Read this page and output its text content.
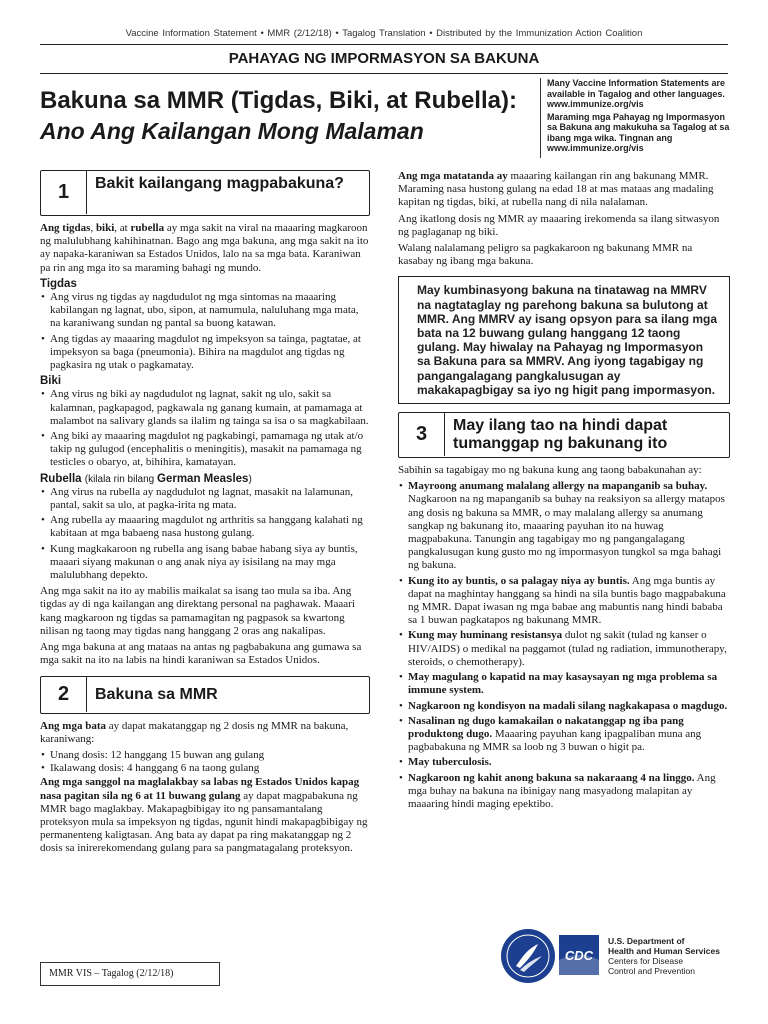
Vaccine Information Statement • MMR (2/12/18) • Tagalog Translation • Distributed by the Immunization Action Coalition
PAHAYAG NG IMPORMASYON SA BAKUNA
Bakuna sa MMR (Tigdas, Biki, at Rubella):
Ano Ang Kailangan Mong Malaman

Many Vaccine Information Statements are available in Tagalog and other languages. www.immunize.org/vis

Maraming mga Pahayag ng Impormasyon sa Bakuna ang makukuha sa Tagalog at sa ibang mga wika. Tingnan ang www.immunize.org/vis

1	Bakit kailangang magpabakuna?
Ang tigdas, biki, at rubella ay mga sakit na viral na maaaring magkaroon ng malulubhang kahihinatnan. Bago ang mga bakuna, ang mga sakit na ito ay napaka-karaniwan sa Estados Unidos, lalo na sa mga bata. Karaniwan pa rin ang mga ito sa maraming bahagi ng mundo.
Tigdas
• Ang virus ng tigdas ay nagdudulot ng mga sintomas na maaaring kabilangan ng lagnat, ubo, sipon, at namumula, naluluhang mga mata, na karaniwang sundan ng pantal sa buong katawan.
• Ang tigdas ay maaaring magdulot ng impeksyon sa tainga, pagtatae, at impeksyon sa baga (pneumonia). Bihira na magdulot ang tigdas ng pagkasira ng utak o pagkamatay.
Biki
• Ang virus ng biki ay nagdudulot ng lagnat, sakit ng ulo, sakit sa kalamnan, pagkapagod, pagkawala ng ganang kumain, at pamamaga at malambot na salivary glands sa ilalim ng tainga sa isa o sa magkabilaan.
• Ang biki ay maaaring magdulot ng pagkabingi, pamamaga ng utak at/o takip ng gulugod (encephalitis o meningitis), masakit na pamamaga ng testicles o obaryo, at, bihihira, kamatayan.
Rubella (kilala rin bilang German Measles)
• Ang virus na rubella ay nagdudulot ng lagnat, masakit na lalamunan, pantal, sakit sa ulo, at pagka-irita ng mata.
• Ang rubella ay maaaring magdulot ng arthritis sa hanggang kalahati ng kabitaan at mga babaeng nasa hustong gulang.
• Kung magkakaroon ng rubella ang isang babae habang siya ay buntis, maaari siyang makunan o ang anak niya ay isisilang na may mga malulubhang depekto.
Ang mga sakit na ito ay mabilis maikalat sa isang tao mula sa iba. Ang tigdas ay di nga kailangan ang direktang personal na paghawak. Maaari kang magkaroon ng tigdas sa pamamagitan ng pagpasok sa kwartong nilisan ng taong may tigdas nang hanggang 2 oras ang nakalipas.
Ang mga bakuna at ang mataas na antas ng pagbabakuna ang gumawa sa mga sakit na ito na labis na hindi karaniwan sa Estados Unidos.
2	Bakuna sa MMR
Ang mga bata ay dapat makatanggap ng 2 dosis ng MMR na bakuna, karaniwang:
• Unang dosis: 12 hanggang 15 buwan ang gulang
• Ikalawang dosis: 4 hanggang 6 na taong gulang
Ang mga sanggol na maglalakbay sa labas ng Estados Unidos kapag nasa pagitan sila ng 6 at 11 buwang gulang ay dapat magpabakuna ng MMR bago maglakbay. Makapagbibigay ito ng pansamantalang proteksyon mula sa impeksyon ng tigdas, ngunit hindi makapagbibigay ng permanenteng kaligtasan. Ang bata ay dapat pa ring makatanggap ng 2 dosis sa inirerekomendang gulang para sa pangmatagalang proteksyon.
Ang mga matatanda ay maaaring kailangan rin ang bakunang MMR. Maraming nasa hustong gulang na edad 18 at mas mataas ang madaling kapitan ng tigdas, biki, at rubella nang di nila nalalaman.
Ang ikatlong dosis ng MMR ay maaaring irekomenda sa ilang sitwasyon ng paglaganap ng biki.
Walang nalalamang peligro sa pagkakaroon ng bakunang MMR na kasabay ng ibang mga bakuna.
May kumbinasyong bakuna na tinatawag na MMRV na nagtataglay ng parehong bakuna sa bulutong at MMR. Ang MMRV ay isang opsyon para sa ilang mga bata na 12 buwang gulang hanggang 12 taong gulang. May hiwalay na Pahayag ng Impormasyon sa Bakuna para sa MMRV. Ang iyong tagabigay ng pangangalagang pangkalusugan ay makakapagbigay sa iyo ng higit pang impormasyon.
3	May ilang tao na hindi dapat tumanggap ng bakunang ito
Sabihin sa tagabigay mo ng bakuna kung ang taong babakunahan ay:
• Mayroong anumang malalang allergy na mapanganib sa buhay. Nagkaroon na ng mapanganib sa buhay na reaksiyon sa allergy matapos ang dosis ng bakuna sa MMR, o may malalang allergy sa anumang sangkap ng bakunang ito, maaaring payuhan ito na huwag magpabakuna. Tanungin ang tagabigay mo ng pangangalagang pangkalusugan kung gusto mo ng impormasyon tungkol sa mga bahagi ng bakuna.
• Kung ito ay buntis, o sa palagay niya ay buntis. Ang mga buntis ay dapat na maghintay hanggang sa hindi na sila buntis bago magpabakuna ng MMR. Dapat iwasan ng mga babae ang mabuntis nang hindi bababa sa 1 buwan pagkatapos ng bakunang MMR.
• Kung may huminang resistansya dulot ng sakit (tulad ng kanser o HIV/AIDS) o medikal na paggamot (tulad ng radiation, immunotherapy, steroids, o chemotherapy).
• May magulang o kapatid na may kasaysayan ng mga problema sa immune system.
• Nagkaroon ng kondisyon na madali silang nagkakapasa o magdugo.
• Nasalinan ng dugo kamakailan o nakatanggap ng iba pang produktong dugo. Maaaring payuhan kang ipagpaliban muna ang pagbabakuna ng MMR sa loob ng 3 buwan o higit pa.
• May tuberculosis.
• Nagkaroon ng kahit anong bakuna sa nakaraang 4 na linggo. Ang mga buhay na bakuna na ibinigay nang masyadong malapitan ay maaaring hindi maging epektibo.
MMR VIS – Tagalog (2/12/18)
CDC
U.S. Department of
Health and Human Services
Centers for Disease
Control and Prevention
